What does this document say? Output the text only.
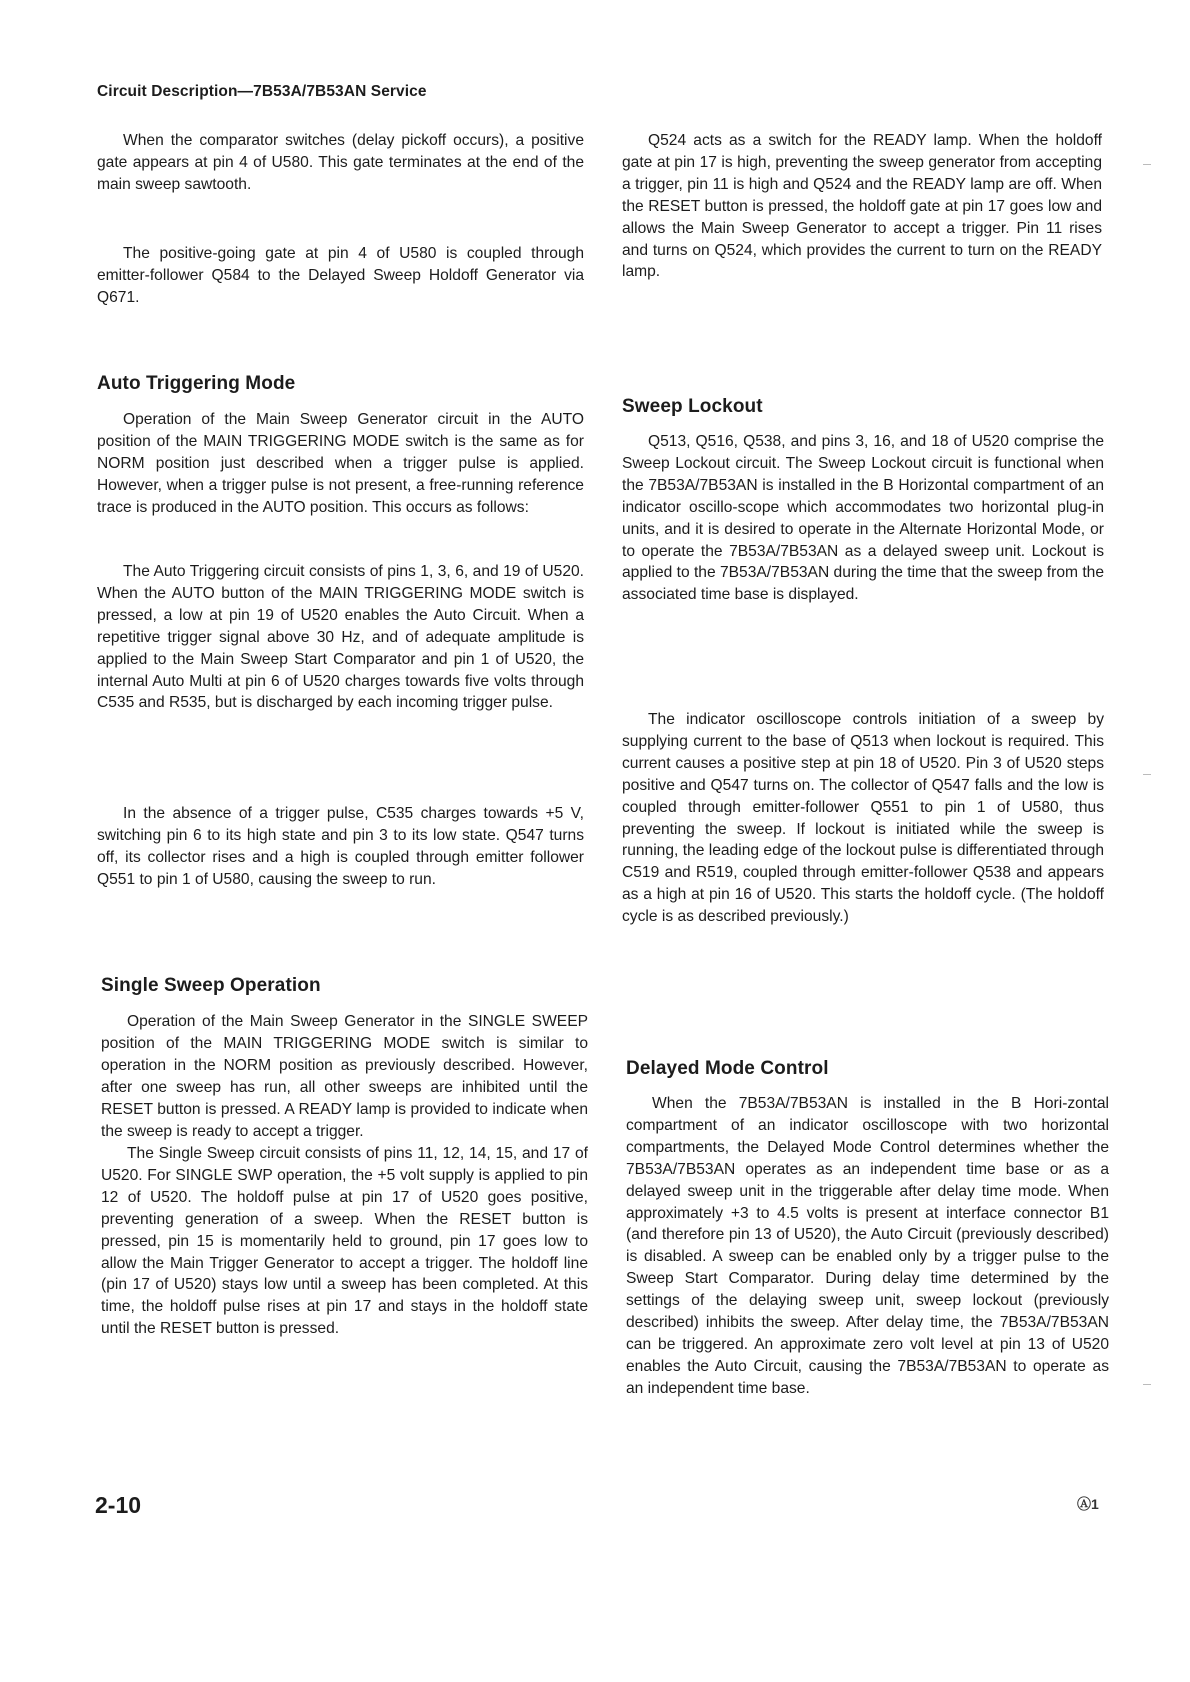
Circuit Description—7B53A/7B53AN Service

When the comparator switches (delay pickoff occurs), a positive gate appears at pin 4 of U580. This gate terminates at the end of the main sweep sawtooth.

The positive-going gate at pin 4 of U580 is coupled through emitter-follower Q584 to the Delayed Sweep Holdoff Generator via Q671.

Auto Triggering Mode

Operation of the Main Sweep Generator circuit in the AUTO position of the MAIN TRIGGERING MODE switch is the same as for NORM position just described when a trigger pulse is applied. However, when a trigger pulse is not present, a free-running reference trace is produced in the AUTO position. This occurs as follows:

The Auto Triggering circuit consists of pins 1, 3, 6, and 19 of U520. When the AUTO button of the MAIN TRIGGERING MODE switch is pressed, a low at pin 19 of U520 enables the Auto Circuit. When a repetitive trigger signal above 30 Hz, and of adequate amplitude is applied to the Main Sweep Start Comparator and pin 1 of U520, the internal Auto Multi at pin 6 of U520 charges towards five volts through C535 and R535, but is discharged by each incoming trigger pulse.

In the absence of a trigger pulse, C535 charges towards +5 V, switching pin 6 to its high state and pin 3 to its low state. Q547 turns off, its collector rises and a high is coupled through emitter follower Q551 to pin 1 of U580, causing the sweep to run.

Single Sweep Operation

Operation of the Main Sweep Generator in the SINGLE SWEEP position of the MAIN TRIGGERING MODE switch is similar to operation in the NORM position as previously described. However, after one sweep has run, all other sweeps are inhibited until the RESET button is pressed. A READY lamp is provided to indicate when the sweep is ready to accept a trigger.

The Single Sweep circuit consists of pins 11, 12, 14, 15, and 17 of U520. For SINGLE SWP operation, the +5 volt supply is applied to pin 12 of U520. The holdoff pulse at pin 17 of U520 goes positive, preventing generation of a sweep. When the RESET button is pressed, pin 15 is momentarily held to ground, pin 17 goes low to allow the Main Trigger Generator to accept a trigger. The holdoff line (pin 17 of U520) stays low until a sweep has been completed. At this time, the holdoff pulse rises at pin 17 and stays in the holdoff state until the RESET button is pressed.

Q524 acts as a switch for the READY lamp. When the holdoff gate at pin 17 is high, preventing the sweep generator from accepting a trigger, pin 11 is high and Q524 and the READY lamp are off. When the RESET button is pressed, the holdoff gate at pin 17 goes low and allows the Main Sweep Generator to accept a trigger. Pin 11 rises and turns on Q524, which provides the current to turn on the READY lamp.

Sweep Lockout

Q513, Q516, Q538, and pins 3, 16, and 18 of U520 comprise the Sweep Lockout circuit. The Sweep Lockout circuit is functional when the 7B53A/7B53AN is installed in the B Horizontal compartment of an indicator oscillo-scope which accommodates two horizontal plug-in units, and it is desired to operate in the Alternate Horizontal Mode, or to operate the 7B53A/7B53AN as a delayed sweep unit. Lockout is applied to the 7B53A/7B53AN during the time that the sweep from the associated time base is displayed.

The indicator oscilloscope controls initiation of a sweep by supplying current to the base of Q513 when lockout is required. This current causes a positive step at pin 18 of U520. Pin 3 of U520 steps positive and Q547 turns on. The collector of Q547 falls and the low is coupled through emitter-follower Q551 to pin 1 of U580, thus preventing the sweep. If lockout is initiated while the sweep is running, the leading edge of the lockout pulse is differentiated through C519 and R519, coupled through emitter-follower Q538 and appears as a high at pin 16 of U520. This starts the holdoff cycle. (The holdoff cycle is as described previously.)

Delayed Mode Control

When the 7B53A/7B53AN is installed in the B Hori-zontal compartment of an indicator oscilloscope with two horizontal compartments, the Delayed Mode Control determines whether the 7B53A/7B53AN operates as an independent time base or as a delayed sweep unit in the triggerable after delay time mode. When approximately +3 to 4.5 volts is present at interface connector B1 (and therefore pin 13 of U520), the Auto Circuit (previously described) is disabled. A sweep can be enabled only by a trigger pulse to the Sweep Start Comparator. During delay time determined by the settings of the delaying sweep unit, sweep lockout (previously described) inhibits the sweep. After delay time, the 7B53A/7B53AN can be triggered. An approximate zero volt level at pin 13 of U520 enables the Auto Circuit, causing the 7B53A/7B53AN to operate as an independent time base.

2-10	Ⓐ1
